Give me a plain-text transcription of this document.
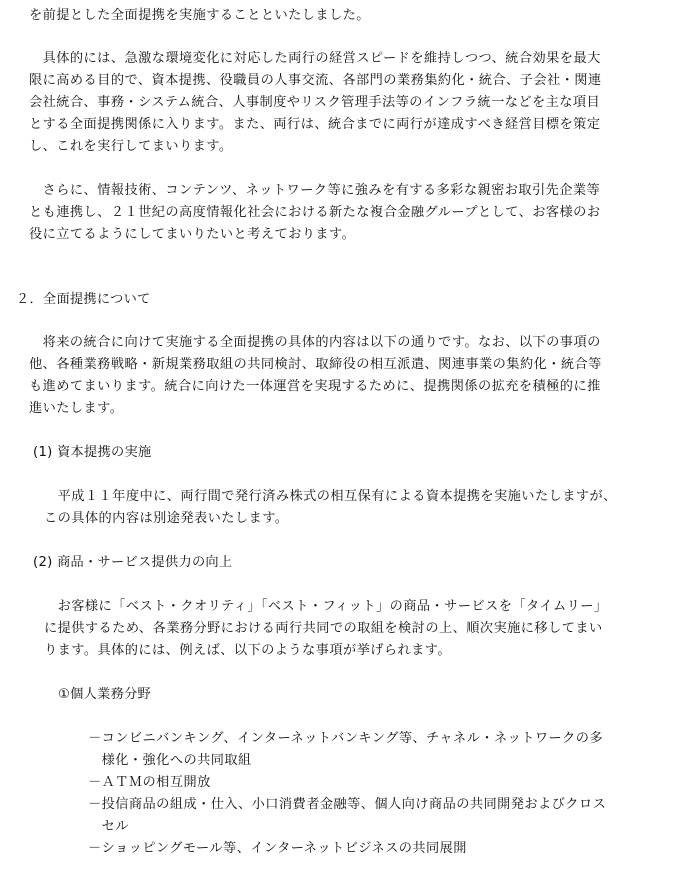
を前提とした全面提携を実施することといたしました。
　具体的には、急激な環境変化に対応した両行の経営スピードを維持しつつ、統合効果を最大
限に高める目的で、資本提携、役職員の人事交流、各部門の業務集約化・統合、子会社・関連
会社統合、事務・システム統合、人事制度やリスク管理手法等のインフラ統一などを主な項目
とする全面提携関係に入ります。また、両行は、統合までに両行が達成すべき経営目標を策定
し、これを実行してまいります。
　さらに、情報技術、コンテンツ、ネットワーク等に強みを有する多彩な親密お取引先企業等
とも連携し、２１世紀の高度情報化社会における新たな複合金融グループとして、お客様のお
役に立てるようにしてまいりたいと考えております。
２．全面提携について
　将来の統合に向けて実施する全面提携の具体的内容は以下の通りです。なお、以下の事項の
他、各種業務戦略・新規業務取組の共同検討、取締役の相互派遣、関連事業の集約化・統合等
も進めてまいります。統合に向けた一体運営を実現するために、提携関係の拡充を積極的に推
進いたします。
(1) 資本提携の実施
　平成１１年度中に、両行間で発行済み株式の相互保有による資本提携を実施いたしますが、
この具体的内容は別途発表いたします。
(2) 商品・サービス提供力の向上
　お客様に「ベスト・クオリティ」「ベスト・フィット」の商品・サービスを「タイムリー」
に提供するため、各業務分野における両行共同での取組を検討の上、順次実施に移してまい
ります。具体的には、例えば、以下のような事項が挙げられます。
①個人業務分野
－コンビニバンキング、インターネットバンキング等、チャネル・ネットワークの多
　様化・強化への共同取組
－ＡＴＭの相互開放
－投信商品の組成・仕入、小口消費者金融等、個人向け商品の共同開発およびクロス
　セル
－ショッピングモール等、インターネットビジネスの共同展開
